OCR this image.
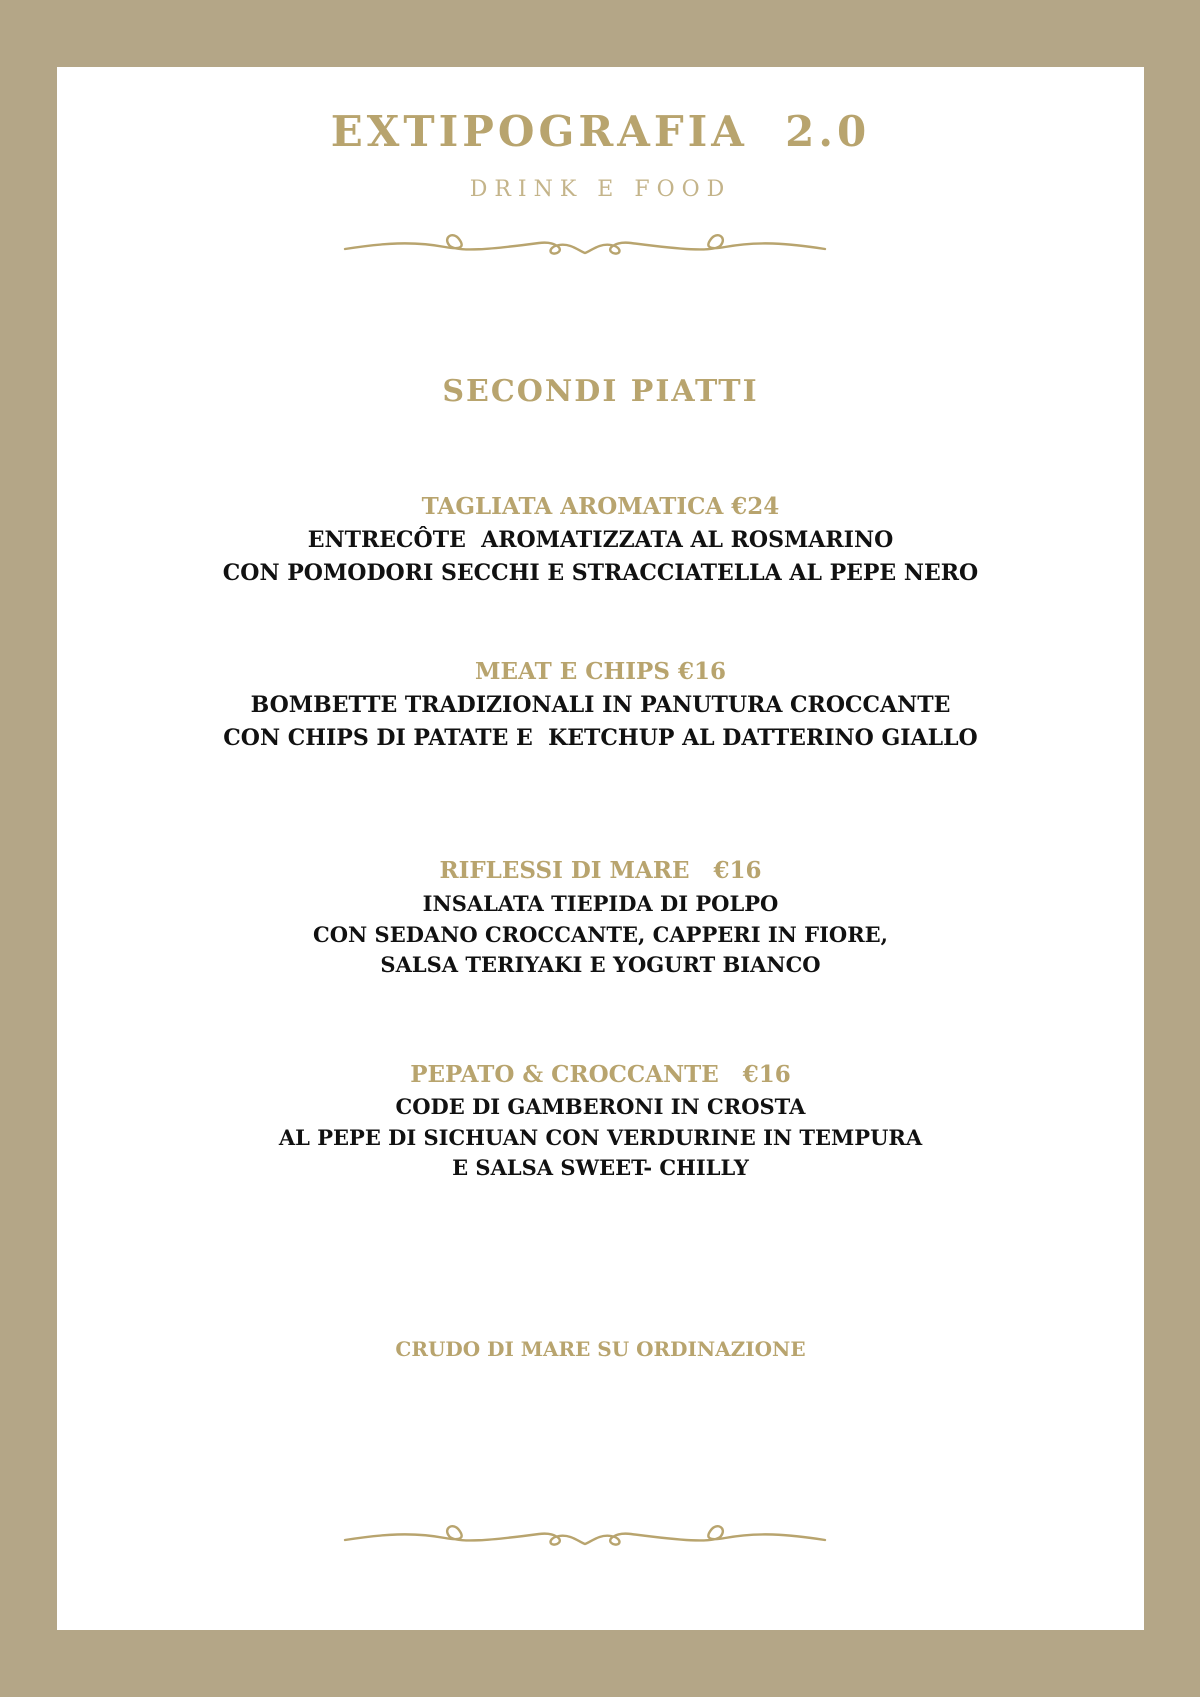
EXTIPOGRAFIA  2.0
DRINK E FOOD
SECONDI PIATTI
TAGLIATA AROMATICA €24
ENTRECÔTE  AROMATIZZATA AL ROSMARINO
CON POMODORI SECCHI E STRACCIATELLA AL PEPE NERO
MEAT E CHIPS €16
BOMBETTE TRADIZIONALI IN PANUTURA CROCCANTE
CON CHIPS DI PATATE E  KETCHUP AL DATTERINO GIALLO
RIFLESSI DI MARE   €16
INSALATA TIEPIDA DI POLPO
CON SEDANO CROCCANTE, CAPPERI IN FIORE,
SALSA TERIYAKI E YOGURT BIANCO
PEPATO & CROCCANTE   €16
CODE DI GAMBERONI IN CROSTA
AL PEPE DI SICHUAN CON VERDURINE IN TEMPURA
E SALSA SWEET- CHILLY
CRUDO DI MARE SU ORDINAZIONE
